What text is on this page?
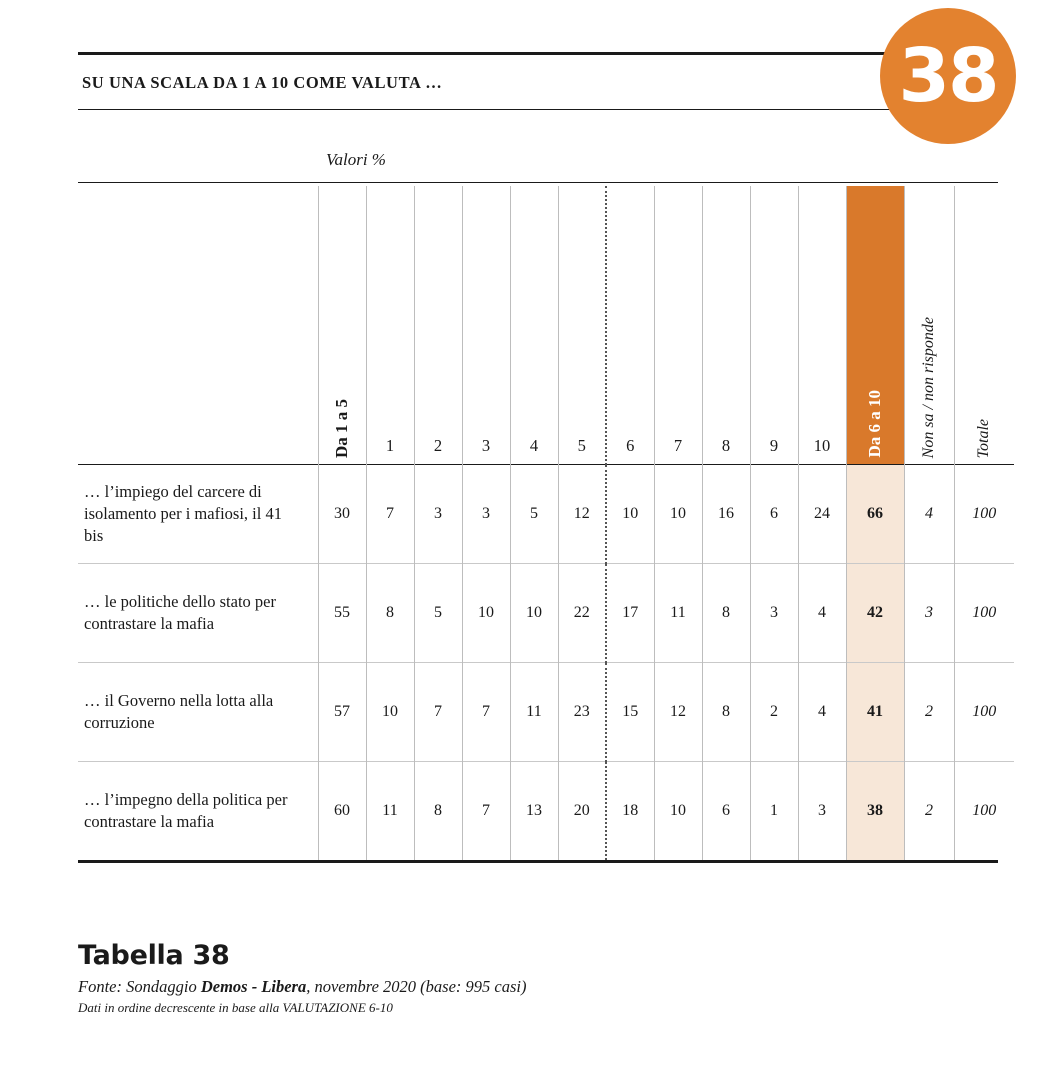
38
SU UNA SCALA DA 1 A 10 COME VALUTA …
Valori %

	Da 1 a 5	1	2	3	4	5	6	7	8	9	10	Da 6 a 10	Non sa / non risponde	Totale

… l’impiego del carcere di isolamento per i mafiosi, il 41 bis	30	7	3	3	5	12	10	10	16	6	24	66	4	100
… le politiche dello stato per contrastare la mafia	55	8	5	10	10	22	17	11	8	3	4	42	3	100
… il Governo nella lotta alla corruzione	57	10	7	7	11	23	15	12	8	2	4	41	2	100
… l’impegno della politica per contrastare la mafia	60	11	8	7	13	20	18	10	6	1	3	38	2	100
Tabella 38
Fonte: Sondaggio Demos - Libera, novembre 2020 (base: 995 casi)
Dati in ordine decrescente in base alla VALUTAZIONE 6-10
